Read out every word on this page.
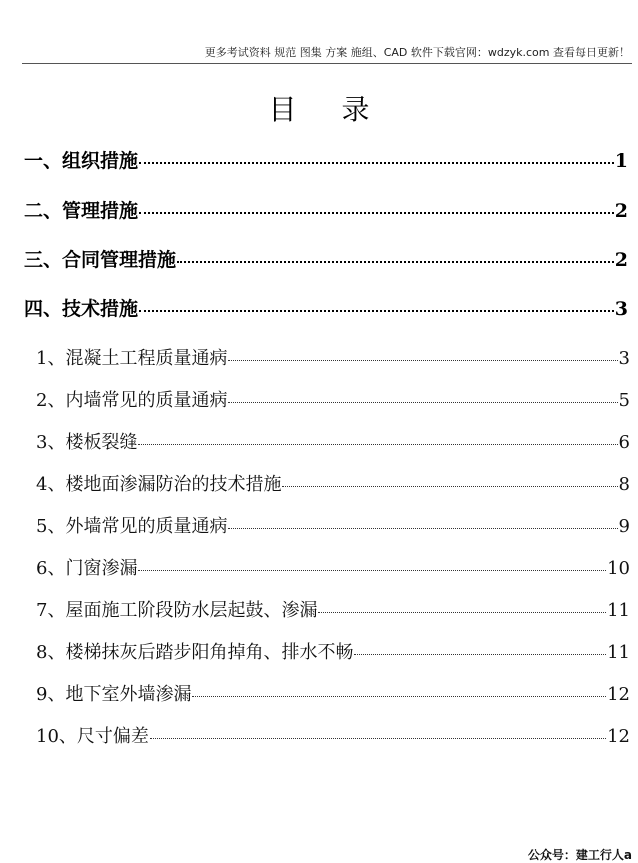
更多考试资料 规范 图集 方案 施组、CAD 软件下载官网：wdzyk.com 查看每日更新！
目 录
一、组织措施	1
二、管理措施	2
三、合同管理措施	2
四、技术措施	3
1、混凝土工程质量通病	3
2、内墙常见的质量通病	5
3、楼板裂缝	6
4、楼地面渗漏防治的技术措施	8
5、外墙常见的质量通病	9
6、门窗渗漏	10
7、屋面施工阶段防水层起鼓、渗漏	11
8、楼梯抹灰后踏步阳角掉角、排水不畅	11
9、地下室外墙渗漏	12
10、尺寸偏差	12
公众号：建工行人a
